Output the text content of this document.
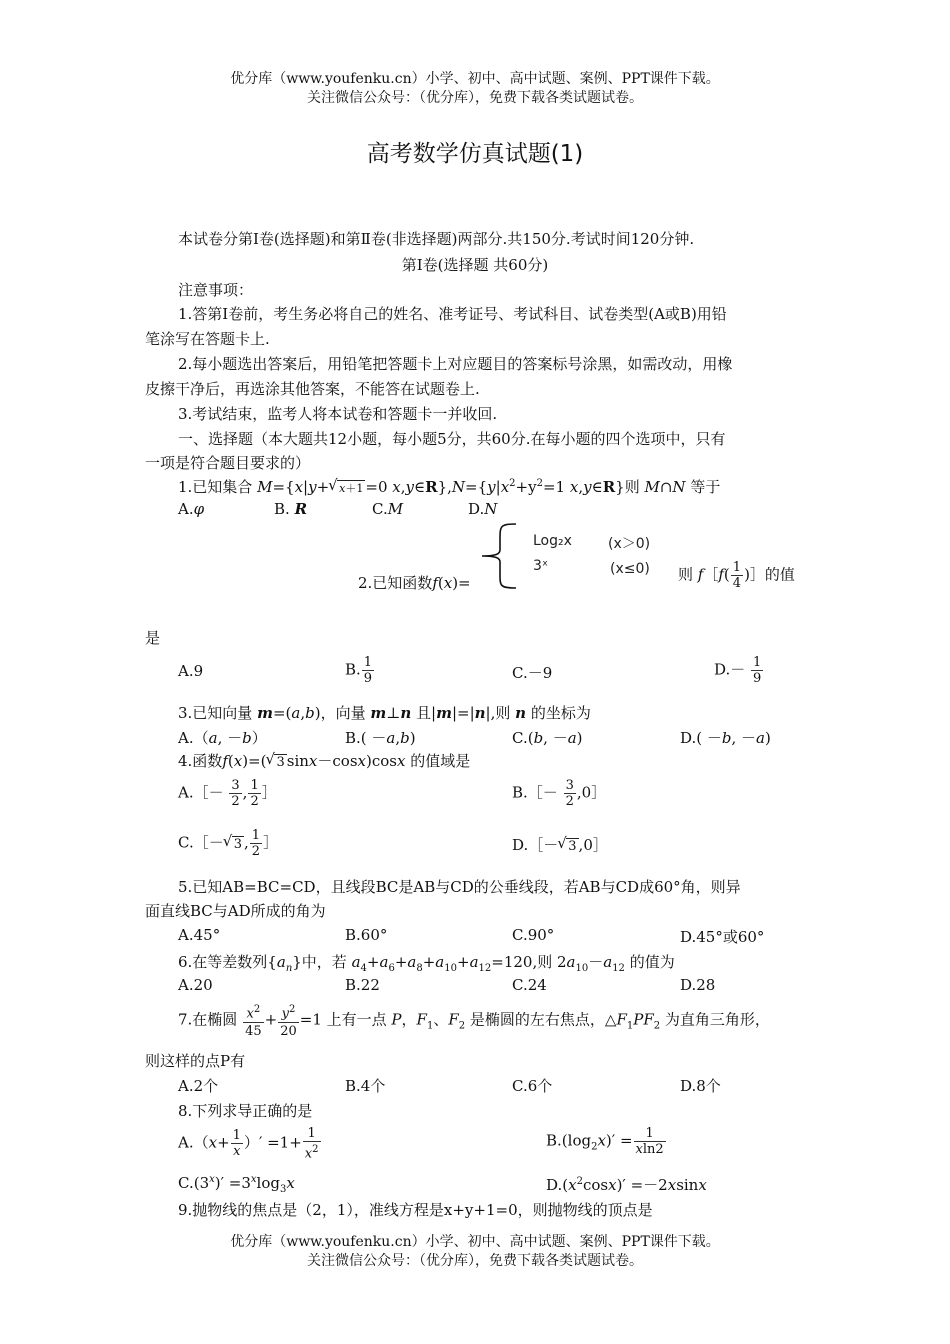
优分库（www.youfenku.cn）小学、初中、高中试题、案例、PPT课件下载。
关注微信公众号：（优分库），免费下载各类试题试卷。
高考数学仿真试题(1)
本试卷分第Ⅰ卷(选择题)和第Ⅱ卷(非选择题)两部分.共150分.考试时间120分钟.
第Ⅰ卷(选择题 共60分)
注意事项：
1.答第Ⅰ卷前，考生务必将自己的姓名、准考证号、考试科目、试卷类型(A或B)用铅
笔涂写在答题卡上.
2.每小题选出答案后，用铅笔把答题卡上对应题目的答案标号涂黑，如需改动，用橡
皮擦干净后，再选涂其他答案，不能答在试题卷上.
3.考试结束，监考人将本试卷和答题卡一并收回.
一、选择题（本大题共12小题，每小题5分，共60分.在每小题的四个选项中，只有
一项是符合题目要求的）
1.已知集合 M={x|y+ √ x＋1 =0 $x,y\in R\},N=\{y|x^2+y^2=1$ x,y∈R}则 M∩N 等于
A.φ	B. R	C.M	D.N
Log₂x	(x＞0)
3ˣ	(x≤0)
2.已知函数f(x)=	则 f［f( $\frac{1}{4}$ )］的值
是
A.9	B. $\frac{1}{9}$	C.－9	$D.- \frac{1}{9}$
3.已知向量 m=(a,b)，向量 m⊥n 且|m|=|n|,则 n 的坐标为
A.（a, －b）	B.( －a,b)	C.(b, －a)	D.( －b, －a)
4.函数f(x)=( √ 3 sinx－cosx)cosx 的值域是
A.［－ $\frac{3}{2}$ , $\frac{1}{2}$ ］	B.［－ $\frac{3}{2}$ ,0］
C.［－ √ 3 , $\frac{1}{2}$ ］	D.［－ √ 3 ,0］
5.已知AB=BC=CD，且线段BC是AB与CD的公垂线段，若AB与CD成60°角，则异
面直线BC与AD所成的角为
A.45°	B.60°	C.90°	D.45°或60°
6.在等差数列$\{a_n\}$中，若 $a_4+a_6+a_8+a_{10}+a_{12}=120$,则 $2a_{10}-a_{12}$ 的值为
A.20	B.22	C.24	D.28
7.在椭圆 $\frac{x^2}{45} + \frac{y^2}{20} =1$ 上有一点 P，$F_1$、$F_2$ 是椭圆的左右焦点，$\triangle F_1PF_2$ 为直角三角形，
则这样的点P有
A.2个	B.4个	C.6个	D.8个
8.下列求导正确的是
$A.(x+ \frac{1}{x}$ ）′ $=1+ \frac{1}{x^2}$	$B.(\log_2x)' = \frac{1}{xln2}$
$C.(3^x)' =3^x\log_3x$	$D.(x^2\cos x)' =-2xsinx$
9.抛物线的焦点是（2，1），准线方程是x+y+1=0，则抛物线的顶点是
优分库（www.youfenku.cn）小学、初中、高中试题、案例、PPT课件下载。
关注微信公众号：（优分库），免费下载各类试题试卷。
